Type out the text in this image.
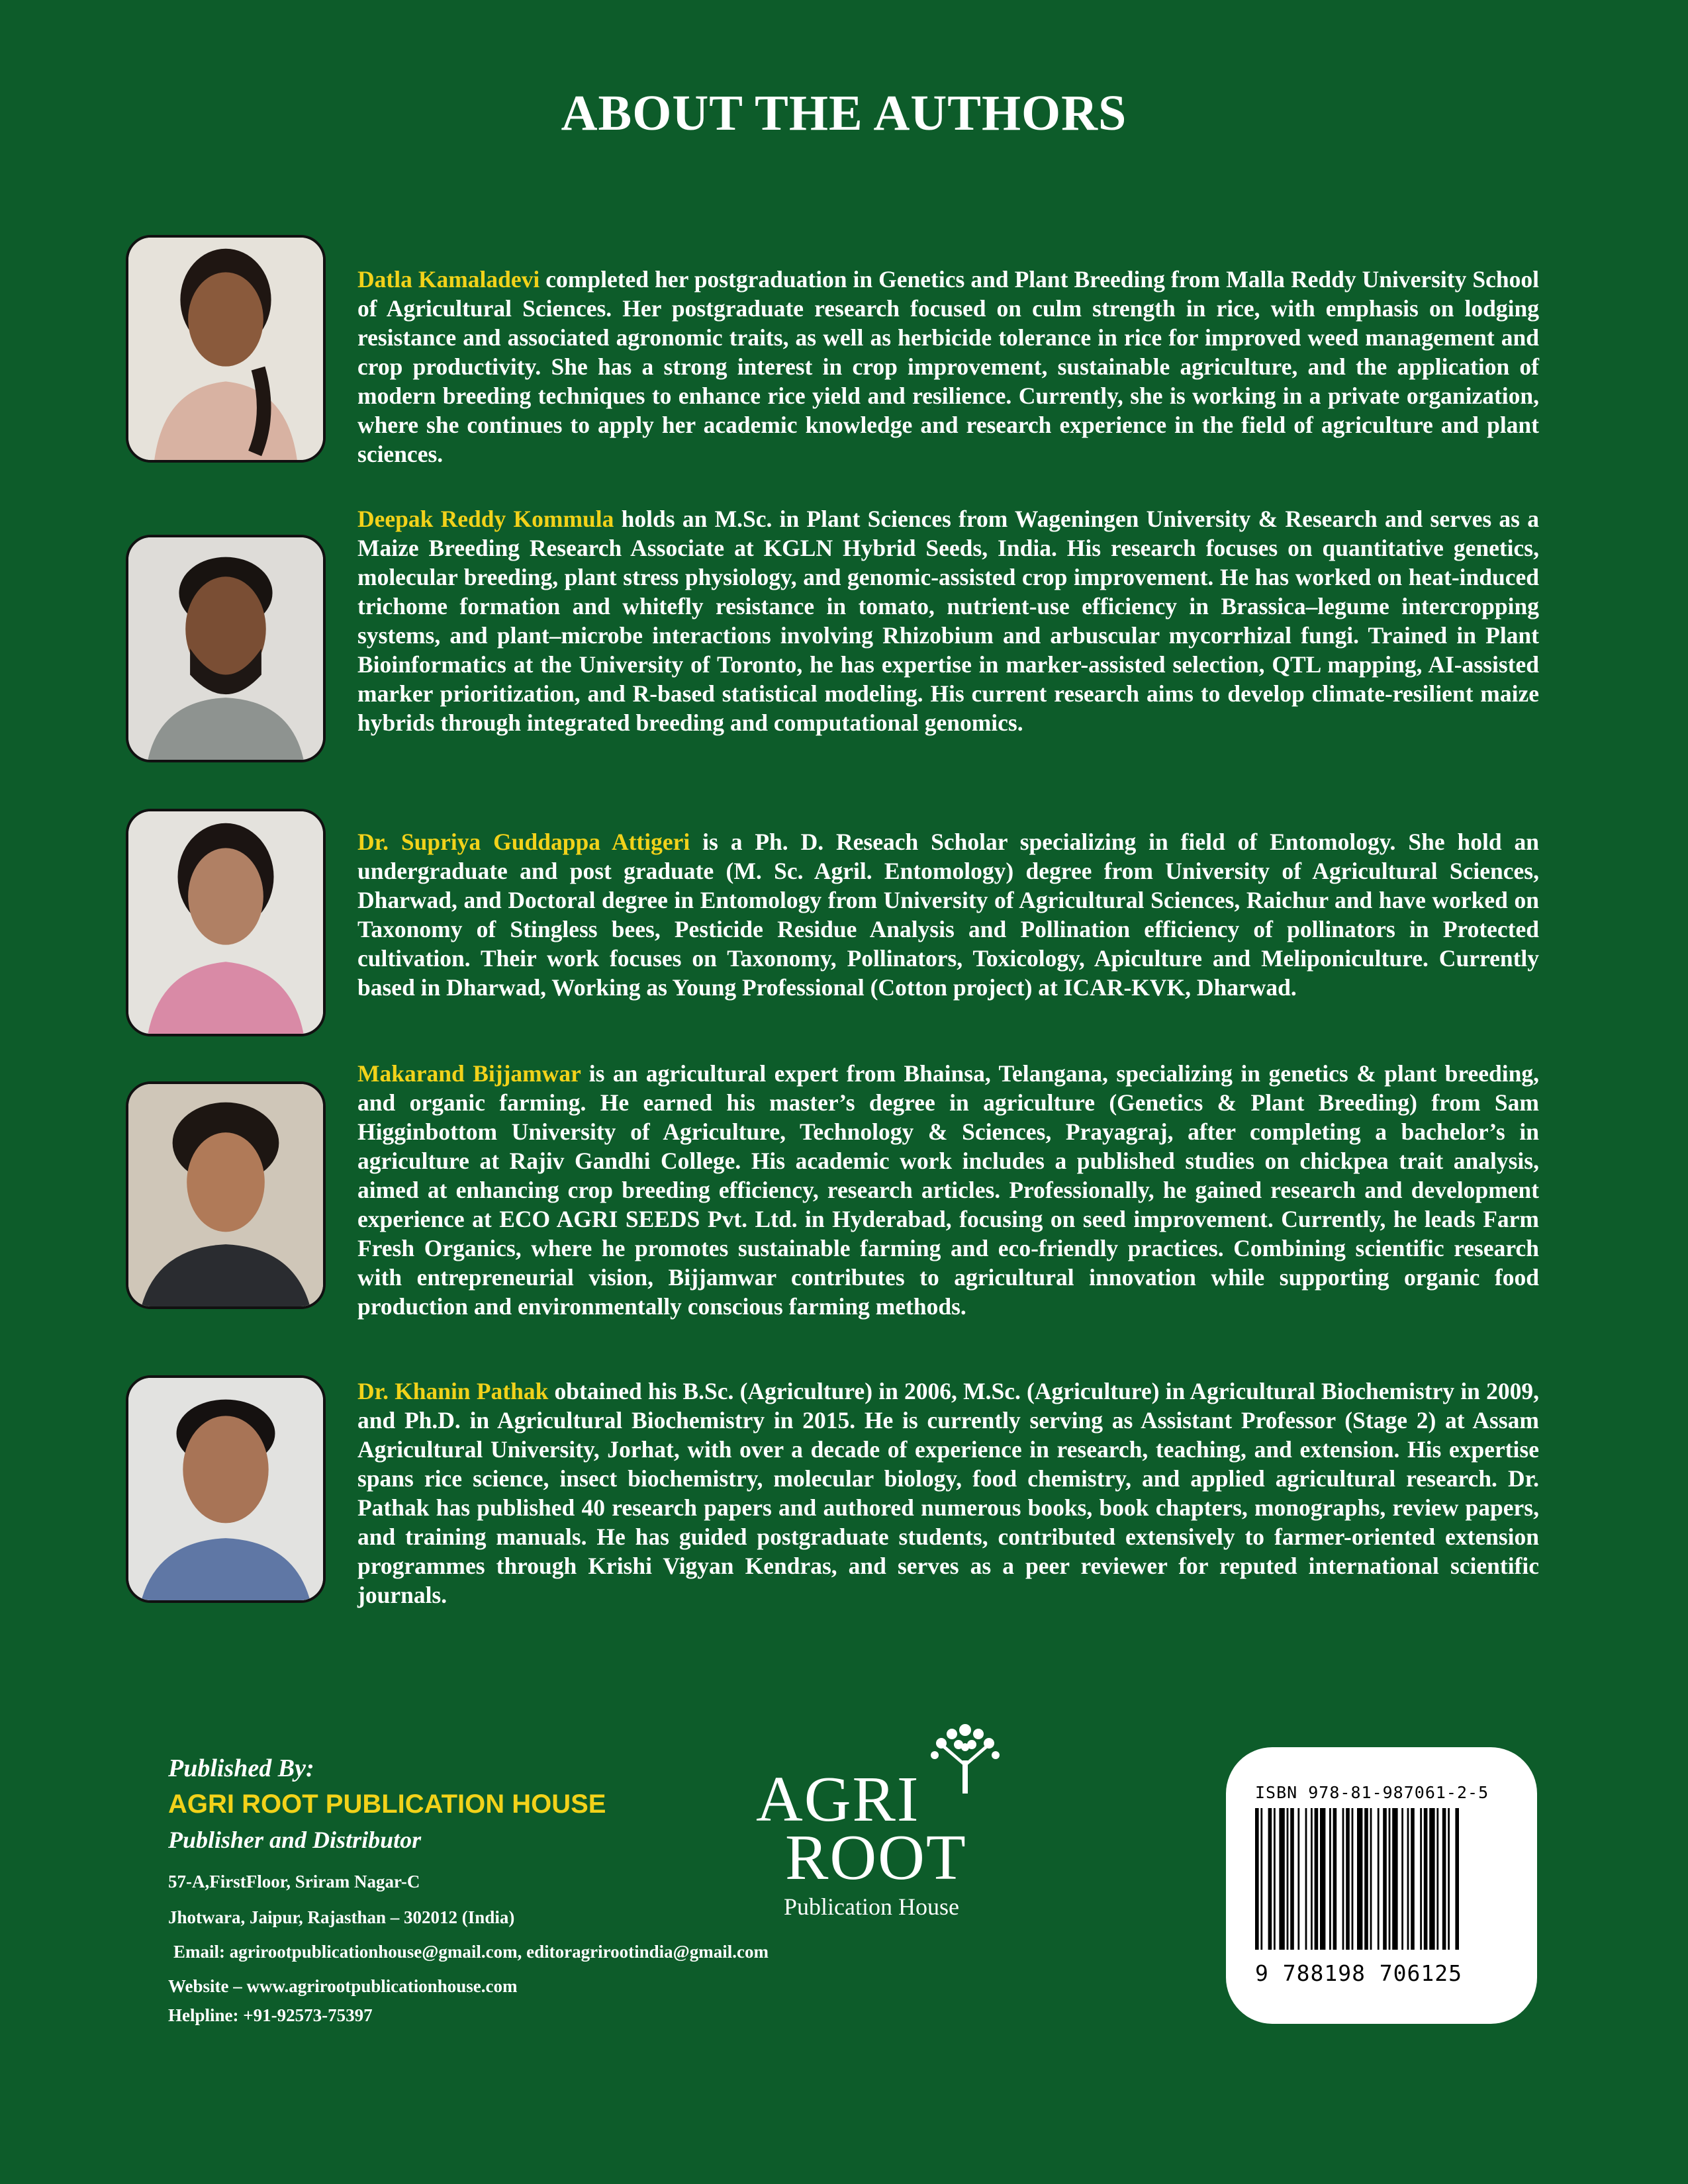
ABOUT THE AUTHORS

Datla Kamaladevi completed her postgraduation in Genetics and Plant Breeding from Malla Reddy University School of Agricultural Sciences. Her postgraduate research focused on culm strength in rice, with emphasis on lodging resistance and associated agronomic traits, as well as herbicide tolerance in rice for improved weed management and crop productivity. She has a strong interest in crop improvement, sustainable agriculture, and the application of modern breeding techniques to enhance rice yield and resilience. Currently, she is working in a private organization, where she continues to apply her academic knowledge and research experience in the field of agriculture and plant sciences.

Deepak Reddy Kommula holds an M.Sc. in Plant Sciences from Wageningen University & Research and serves as a Maize Breeding Research Associate at KGLN Hybrid Seeds, India. His research focuses on quantitative genetics, molecular breeding, plant stress physiology, and genomic-assisted crop improvement. He has worked on heat-induced trichome formation and whitefly resistance in tomato, nutrient-use efficiency in Brassica–legume intercropping systems, and plant–microbe interactions involving Rhizobium and arbuscular mycorrhizal fungi. Trained in Plant Bioinformatics at the University of Toronto, he has expertise in marker-assisted selection, QTL mapping, AI-assisted marker prioritization, and R-based statistical modeling. His current research aims to develop climate-resilient maize hybrids through integrated breeding and computational genomics.

Dr. Supriya Guddappa Attigeri is a Ph. D. Reseach Scholar specializing in field of Entomology. She hold an undergraduate and post graduate (M. Sc. Agril. Entomology) degree from University of Agricultural Sciences, Dharwad, and Doctoral degree in Entomology from University of Agricultural Sciences, Raichur and have worked on Taxonomy of Stingless bees, Pesticide Residue Analysis and Pollination efficiency of pollinators in Protected cultivation. Their work focuses on Taxonomy, Pollinators, Toxicology, Apiculture and Meliponiculture. Currently based in Dharwad, Working as Young Professional (Cotton project) at ICAR-KVK, Dharwad.

Makarand Bijjamwar is an agricultural expert from Bhainsa, Telangana, specializing in genetics & plant breeding, and organic farming. He earned his master’s degree in agriculture (Genetics & Plant Breeding) from Sam Higginbottom University of Agriculture, Technology & Sciences, Prayagraj, after completing a bachelor’s in agriculture at Rajiv Gandhi College. His academic work includes a published studies on chickpea trait analysis, aimed at enhancing crop breeding efficiency, research articles. Professionally, he gained research and development experience at ECO AGRI SEEDS Pvt. Ltd. in Hyderabad, focusing on seed improvement. Currently, he leads Farm Fresh Organics, where he promotes sustainable farming and eco-friendly practices. Combining scientific research with entrepreneurial vision, Bijjamwar contributes to agricultural innovation while supporting organic food production and environmentally conscious farming methods.

Dr. Khanin Pathak obtained his B.Sc. (Agriculture) in 2006, M.Sc. (Agriculture) in Agricultural Biochemistry in 2009, and Ph.D. in Agricultural Biochemistry in 2015. He is currently serving as Assistant Professor (Stage 2) at Assam Agricultural University, Jorhat, with over a decade of experience in research, teaching, and extension. His expertise spans rice science, insect biochemistry, molecular biology, food chemistry, and applied agricultural research. Dr. Pathak has published 40 research papers and authored numerous books, book chapters, monographs, review papers, and training manuals. He has guided postgraduate students, contributed extensively to farmer-oriented extension programmes through Krishi Vigyan Kendras, and serves as a peer reviewer for reputed international scientific journals.

Published By:

AGRI ROOT PUBLICATION HOUSE

Publisher and Distributor

57-A,FirstFloor, Sriram Nagar-C

Jhotwara, Jaipur, Rajasthan – 302012 (India)

Email: agrirootpublicationhouse@gmail.com, editoragrirootindia@gmail.com

Website – www.agrirootpublicationhouse.com

Helpline: +91-92573-75397

AGRI
ROOT
Publication House
ISBN 978-81-987061-2-5
9 788198 706125
